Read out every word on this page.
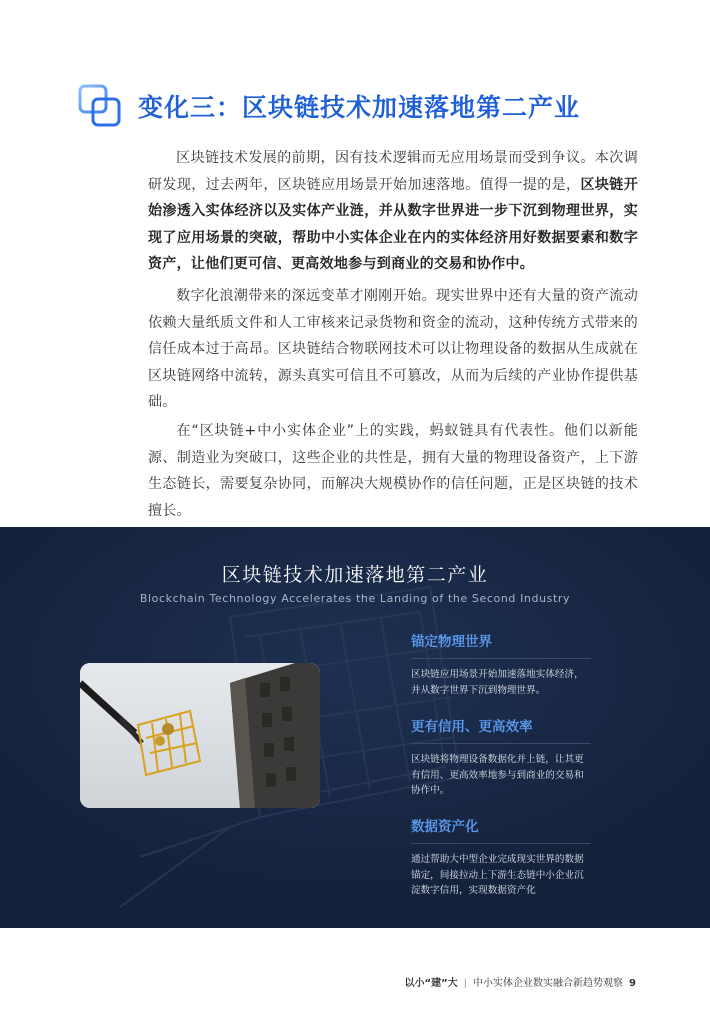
变化三：区块链技术加速落地第二产业
区块链技术发展的前期，因有技术逻辑而无应用场景而受到争议。本次调研发现，过去两年，区块链应用场景开始加速落地。值得一提的是，区块链开始渗透入实体经济以及实体产业涟，并从数字世界进一步下沉到物理世界，实现了应用场景的突破，帮助中小实体企业在内的实体经济用好数据要素和数字资产，让他们更可信、更高效地参与到商业的交易和协作中。
数字化浪潮带来的深远变革才刚刚开始。现实世界中还有大量的资产流动依赖大量纸质文件和人工审核来记录货物和资金的流动，这种传统方式带来的信任成本过于高昂。区块链结合物联网技术可以让物理设备的数据从生成就在区块链网络中流转，源头真实可信且不可篡改，从而为后续的产业协作提供基础。
在“区块链+中小实体企业”上的实践，蚂蚁链具有代表性。他们以新能源、制造业为突破口，这些企业的共性是，拥有大量的物理设备资产，上下游生态链长，需要复杂协同，而解决大规模协作的信任问题，正是区块链的技术擅长。
区块链技术加速落地第二产业
Blockchain Technology Accelerates the Landing of the Second Industry
锚定物理世界
区块链应用场景开始加速落地实体经济，并从数字世界下沉到物理世界。
更有信用、更高效率
区块链将物理设备数据化并上链，让其更有信用、更高效率地参与到商业的交易和协作中。
数据资产化
通过帮助大中型企业完成现实世界的数据锚定，间接拉动上下游生态链中小企业沉淀数字信用，实现数据资产化
以小“建”大 | 中小实体企业数实融合新趋势观察 9
